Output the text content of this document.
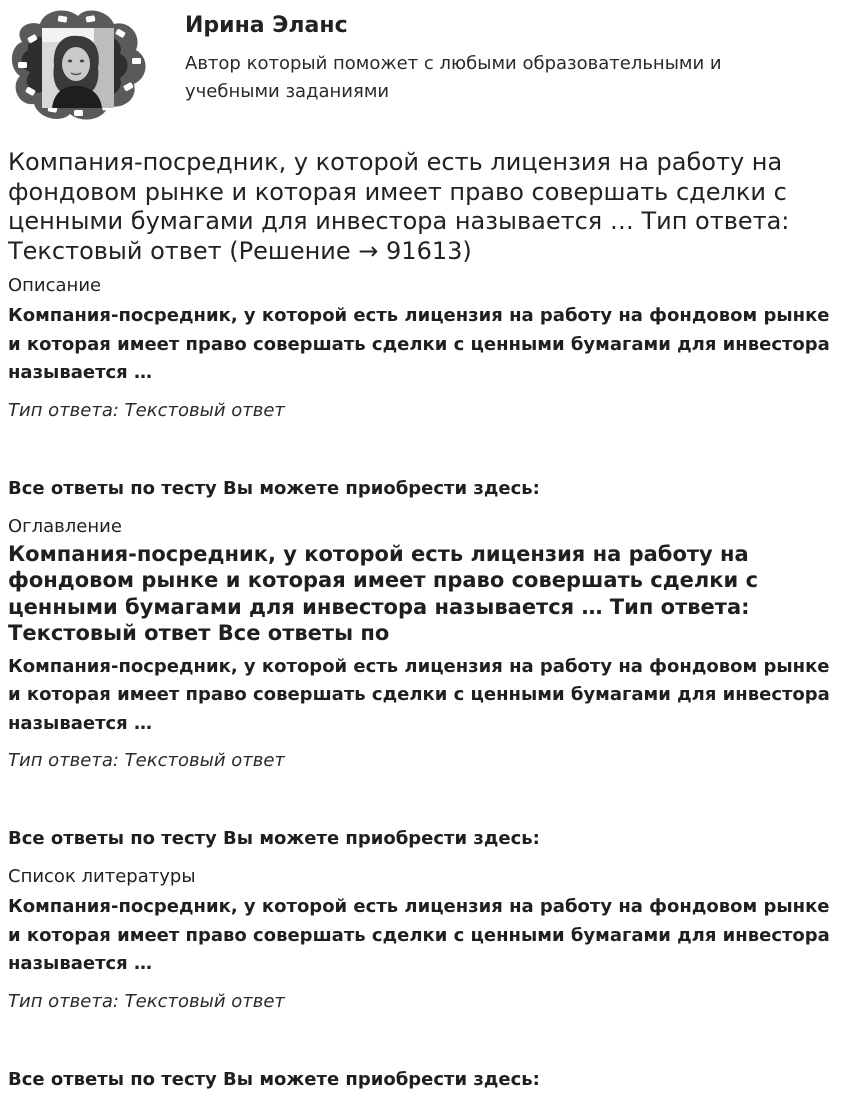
Ирина Эланс
Автор который поможет с любыми образовательными и учебными заданиями
Компания-посредник, у которой есть лицензия на работу на фондовом рынке и которая имеет право совершать сделки с ценными бумагами для инвестора называется … Тип ответа: Текстовый ответ (Решение → 91613)
Описание

Компания-посредник, у которой есть лицензия на работу на фондовом рынке и которая имеет право совершать сделки с ценными бумагами для инвестора называется …

Тип ответа: Текстовый ответ

Все ответы по тесту Вы можете приобрести здесь:

Оглавление
Компания-посредник, у которой есть лицензия на работу на фондовом рынке и которая имеет право совершать сделки с ценными бумагами для инвестора называется … Тип ответа: Текстовый ответ Все ответы по

Компания-посредник, у которой есть лицензия на работу на фондовом рынке и которая имеет право совершать сделки с ценными бумагами для инвестора называется …

Тип ответа: Текстовый ответ

Все ответы по тесту Вы можете приобрести здесь:

Список литературы

Компания-посредник, у которой есть лицензия на работу на фондовом рынке и которая имеет право совершать сделки с ценными бумагами для инвестора называется …

Тип ответа: Текстовый ответ

Все ответы по тесту Вы можете приобрести здесь:
